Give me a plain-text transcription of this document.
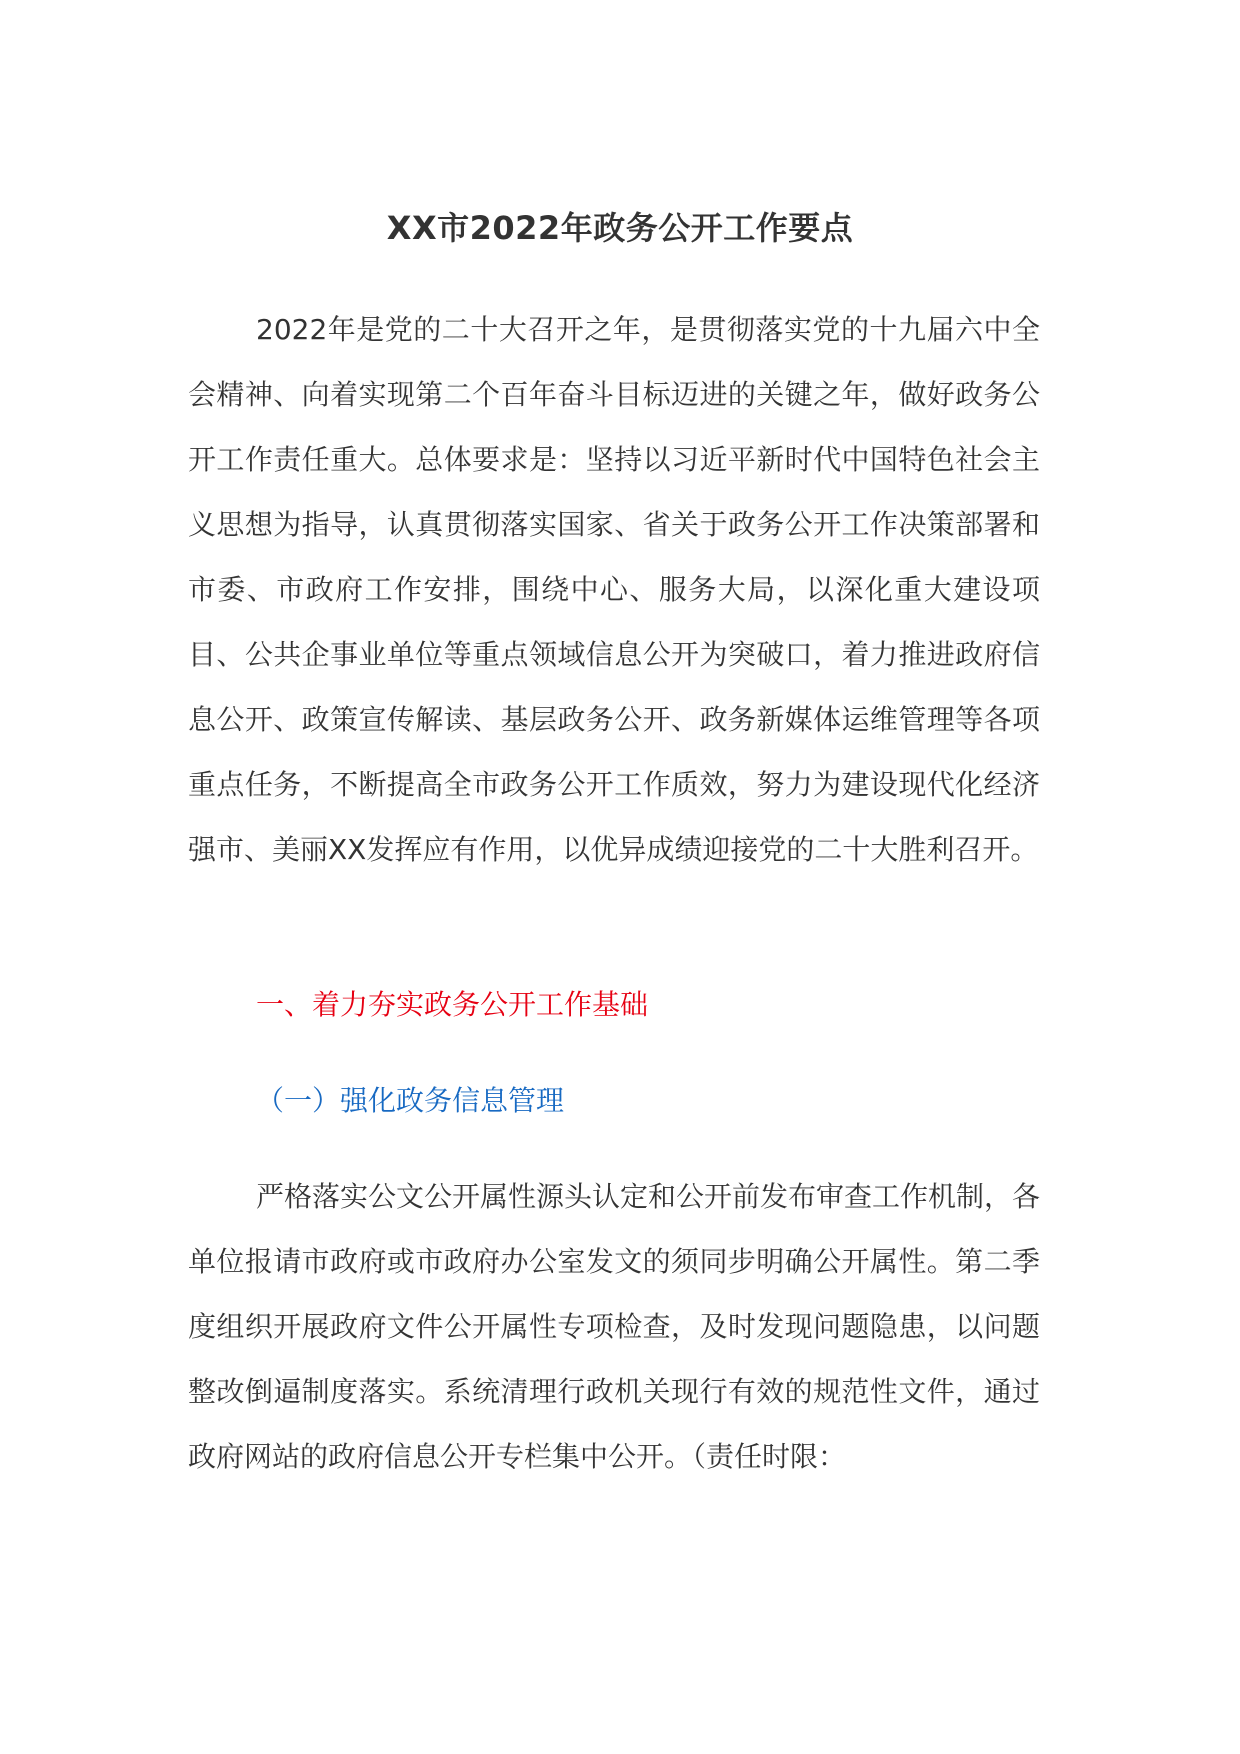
XX市2022年政务公开工作要点

2022年是党的二十大召开之年，是贯彻落实党的十九届六中全会精神、向着实现第二个百年奋斗目标迈进的关键之年，做好政务公开工作责任重大。总体要求是：坚持以习近平新时代中国特色社会主义思想为指导，认真贯彻落实国家、省关于政务公开工作决策部署和市委、市政府工作安排，围绕中心、服务大局，以深化重大建设项目、公共企事业单位等重点领域信息公开为突破口，着力推进政府信息公开、政策宣传解读、基层政务公开、政务新媒体运维管理等各项重点任务，不断提高全市政务公开工作质效，努力为建设现代化经济强市、美丽XX发挥应有作用，以优异成绩迎接党的二十大胜利召开。

一、着力夯实政务公开工作基础
（一）强化政务信息管理

严格落实公文公开属性源头认定和公开前发布审查工作机制，各单位报请市政府或市政府办公室发文的须同步明确公开属性。第二季度组织开展政府文件公开属性专项检查，及时发现问题隐患，以问题整改倒逼制度落实。系统清理行政机关现行有效的规范性文件，通过政府网站的政府信息公开专栏集中公开。（责任时限：
